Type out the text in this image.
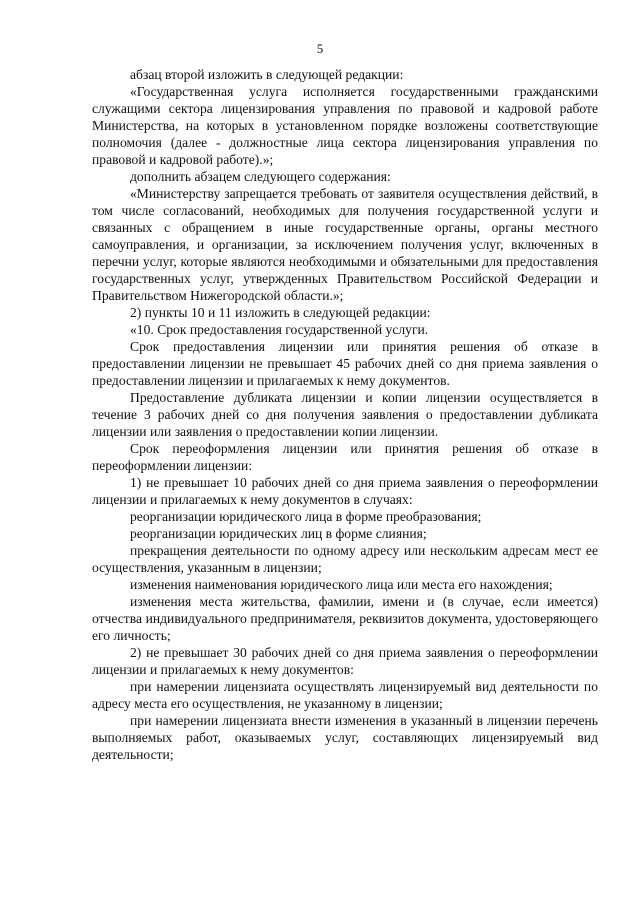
5

абзац второй изложить в следующей редакции:

«Государственная услуга исполняется государственными гражданскими служащими сектора лицензирования управления по правовой и кадровой работе Министерства, на которых в установленном порядке возложены соответствующие полномочия (далее - должностные лица сектора лицензирования управления по правовой и кадровой работе).»;

дополнить абзацем следующего содержания:

«Министерству запрещается требовать от заявителя осуществления действий, в том числе согласований, необходимых для получения государственной услуги и связанных с обращением в иные государственные органы, органы местного самоуправления, и организации, за исключением получения услуг, включенных в перечни услуг, которые являются необходимыми и обязательными для предоставления государственных услуг, утвержденных Правительством Российской Федерации и Правительством Нижегородской области.»;

2) пункты 10 и 11 изложить в следующей редакции:

«10. Срок предоставления государственной услуги.

Срок предоставления лицензии или принятия решения об отказе в предоставлении лицензии не превышает 45 рабочих дней со дня приема заявления о предоставлении лицензии и прилагаемых к нему документов.

Предоставление дубликата лицензии и копии лицензии осуществляется в течение 3 рабочих дней со дня получения заявления о предоставлении дубликата лицензии или заявления о предоставлении копии лицензии.

Срок переоформления лицензии или принятия решения об отказе в переоформлении лицензии:

1) не превышает 10 рабочих дней со дня приема заявления о переоформлении лицензии и прилагаемых к нему документов в случаях:

реорганизации юридического лица в форме преобразования;

реорганизации юридических лиц в форме слияния;

прекращения деятельности по одному адресу или нескольким адресам мест ее осуществления, указанным в лицензии;

изменения наименования юридического лица или места его нахождения;

изменения места жительства, фамилии, имени и (в случае, если имеется) отчества индивидуального предпринимателя, реквизитов документа, удостоверяющего его личность;

2) не превышает 30 рабочих дней со дня приема заявления о переоформлении лицензии и прилагаемых к нему документов:

при намерении лицензиата осуществлять лицензируемый вид деятельности по адресу места его осуществления, не указанному в лицензии;

при намерении лицензиата внести изменения в указанный в лицензии перечень выполняемых работ, оказываемых услуг, составляющих лицензируемый вид деятельности;
